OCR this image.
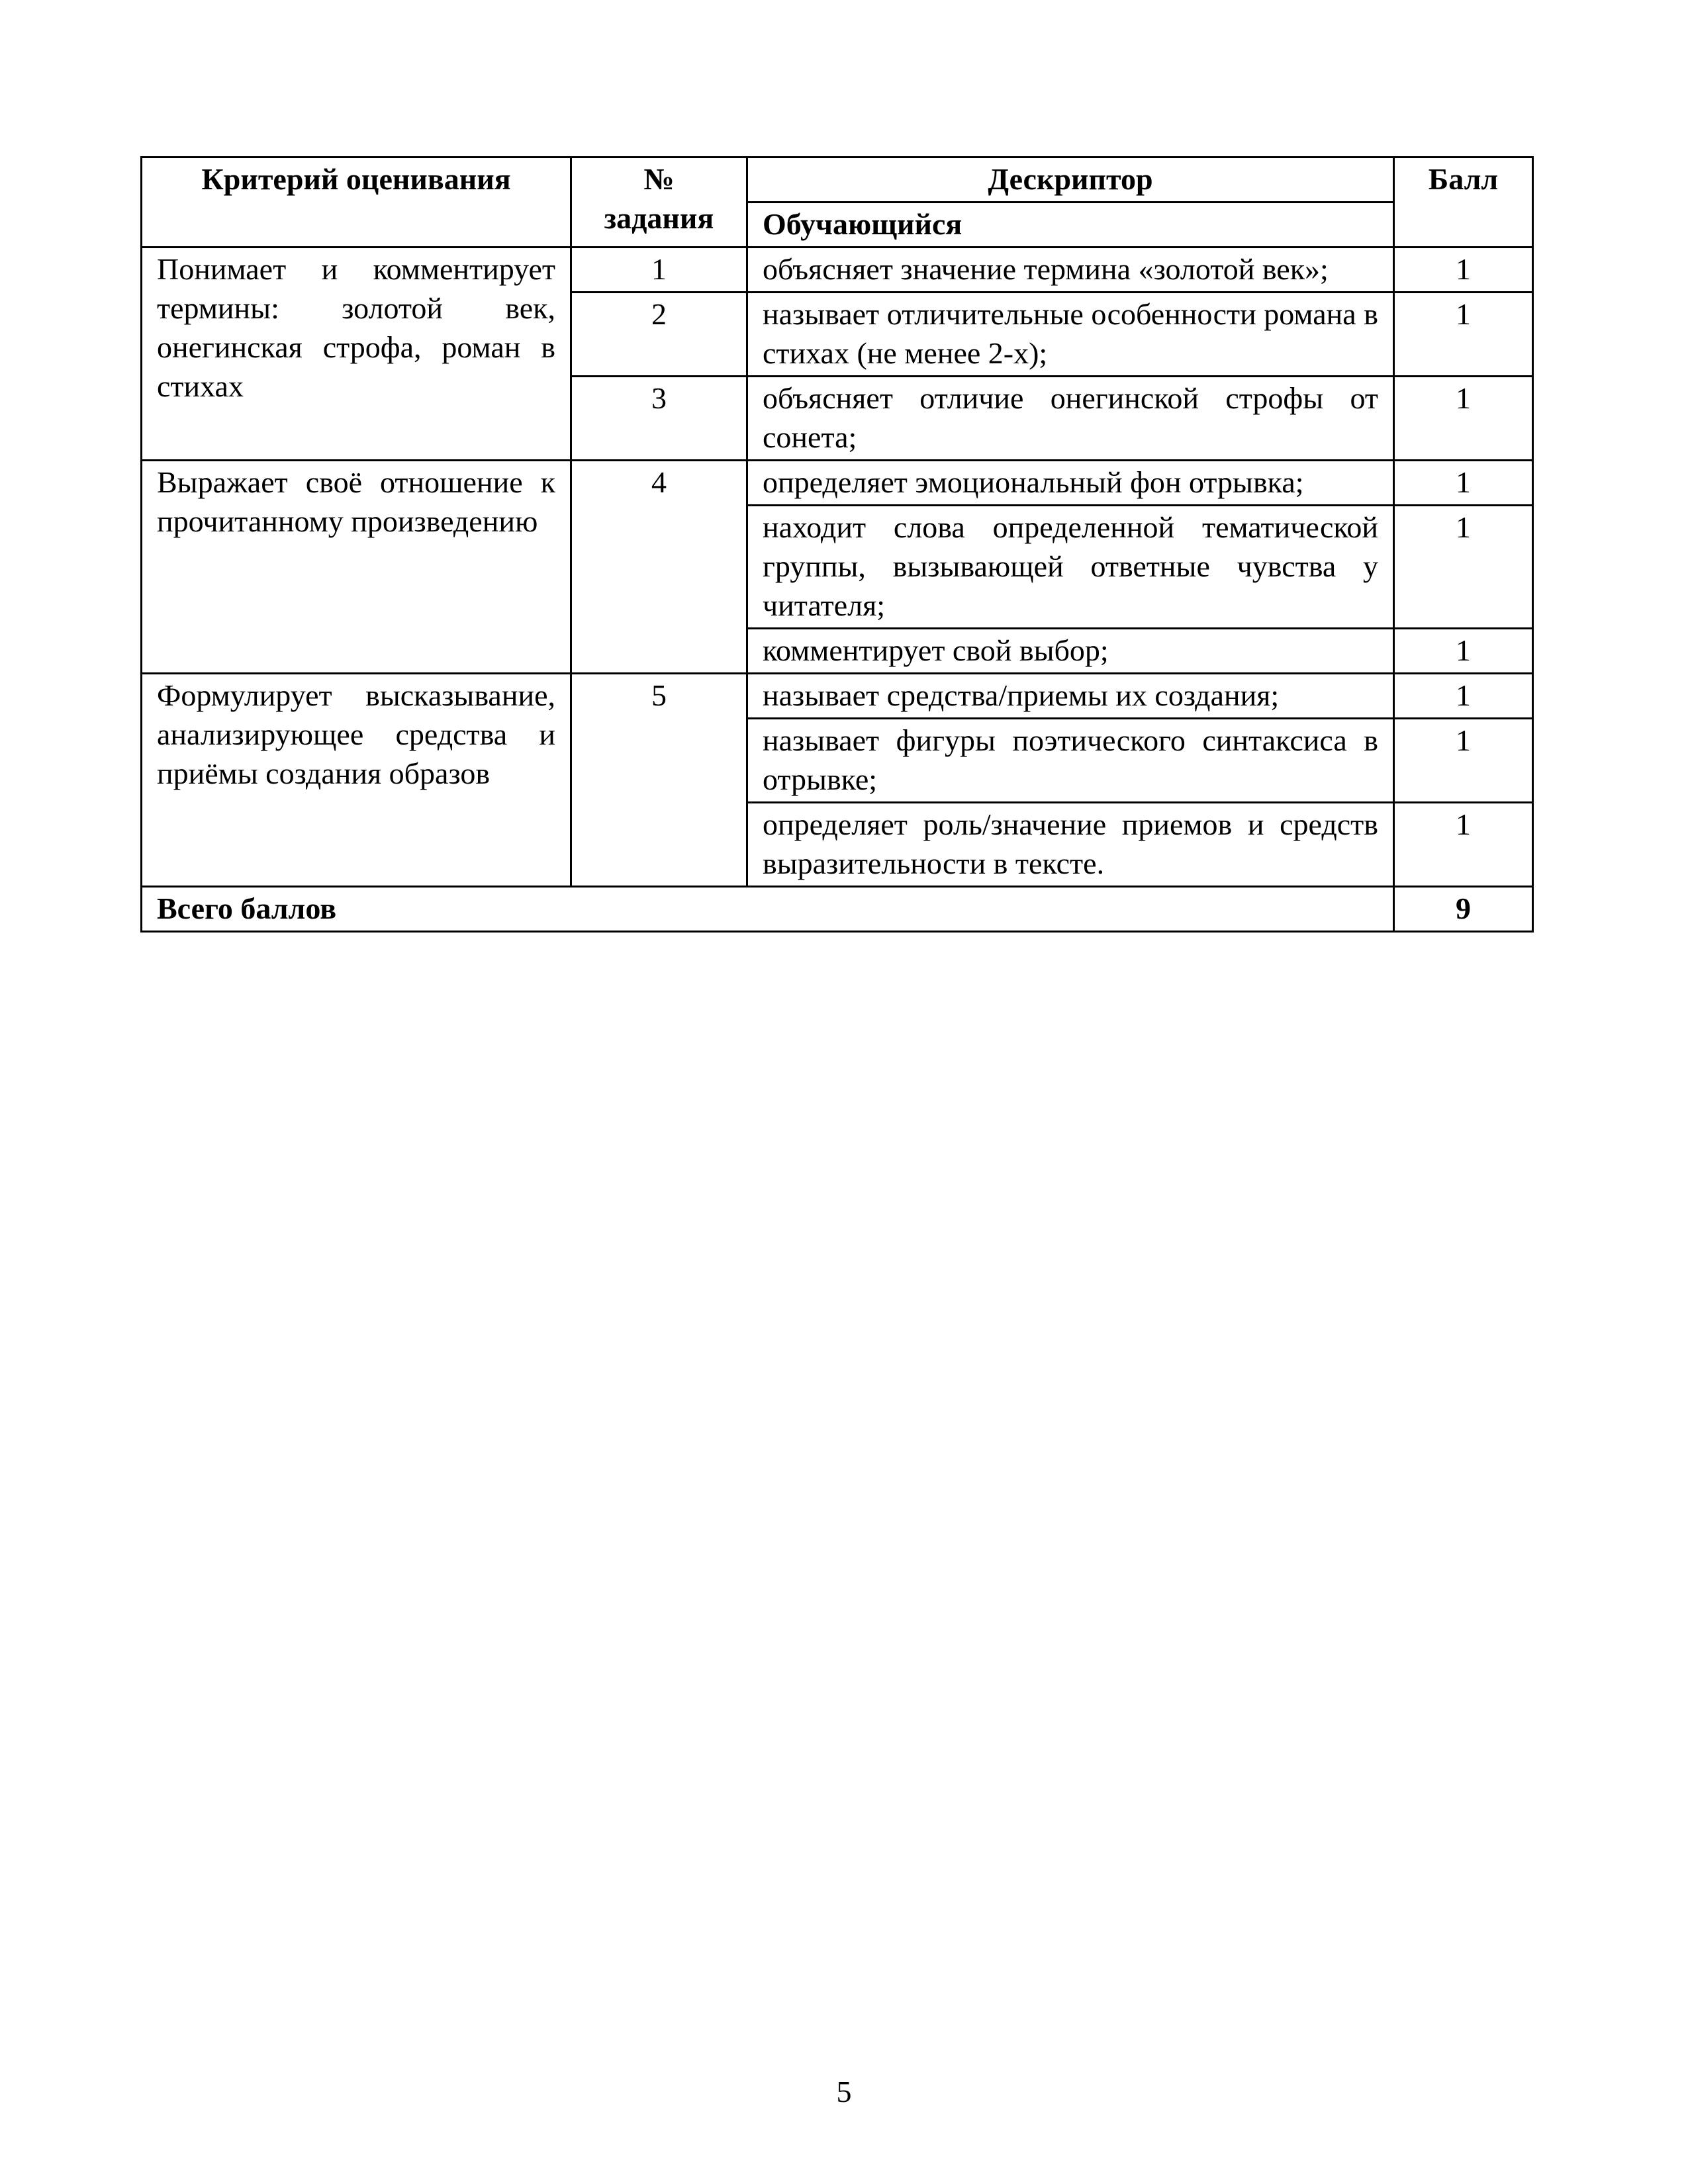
Критерий оценивания	№ задания	Дескриптор	Балл
		Обучающийся	
Понимает и комментирует термины: золотой век, онегинская строфа, роман в стихах	1	объясняет значение термина «золотой век»;	1
	2	называет отличительные особенности романа в стихах (не менее 2-х);	1
	3	объясняет отличие онегинской строфы от сонета;	1
Выражает своё отношение к прочитанному произведению	4	определяет эмоциональный фон отрывка;	1
		находит слова определенной тематической группы, вызывающей ответные чувства у читателя;	1
		комментирует свой выбор;	1
Формулирует высказывание, анализирующее средства и приёмы создания образов	5	называет средства/приемы их создания;	1
		называет фигуры поэтического синтаксиса в отрывке;	1
		определяет роль/значение приемов и средств выразительности в тексте.	1
Всего баллов			9
5
